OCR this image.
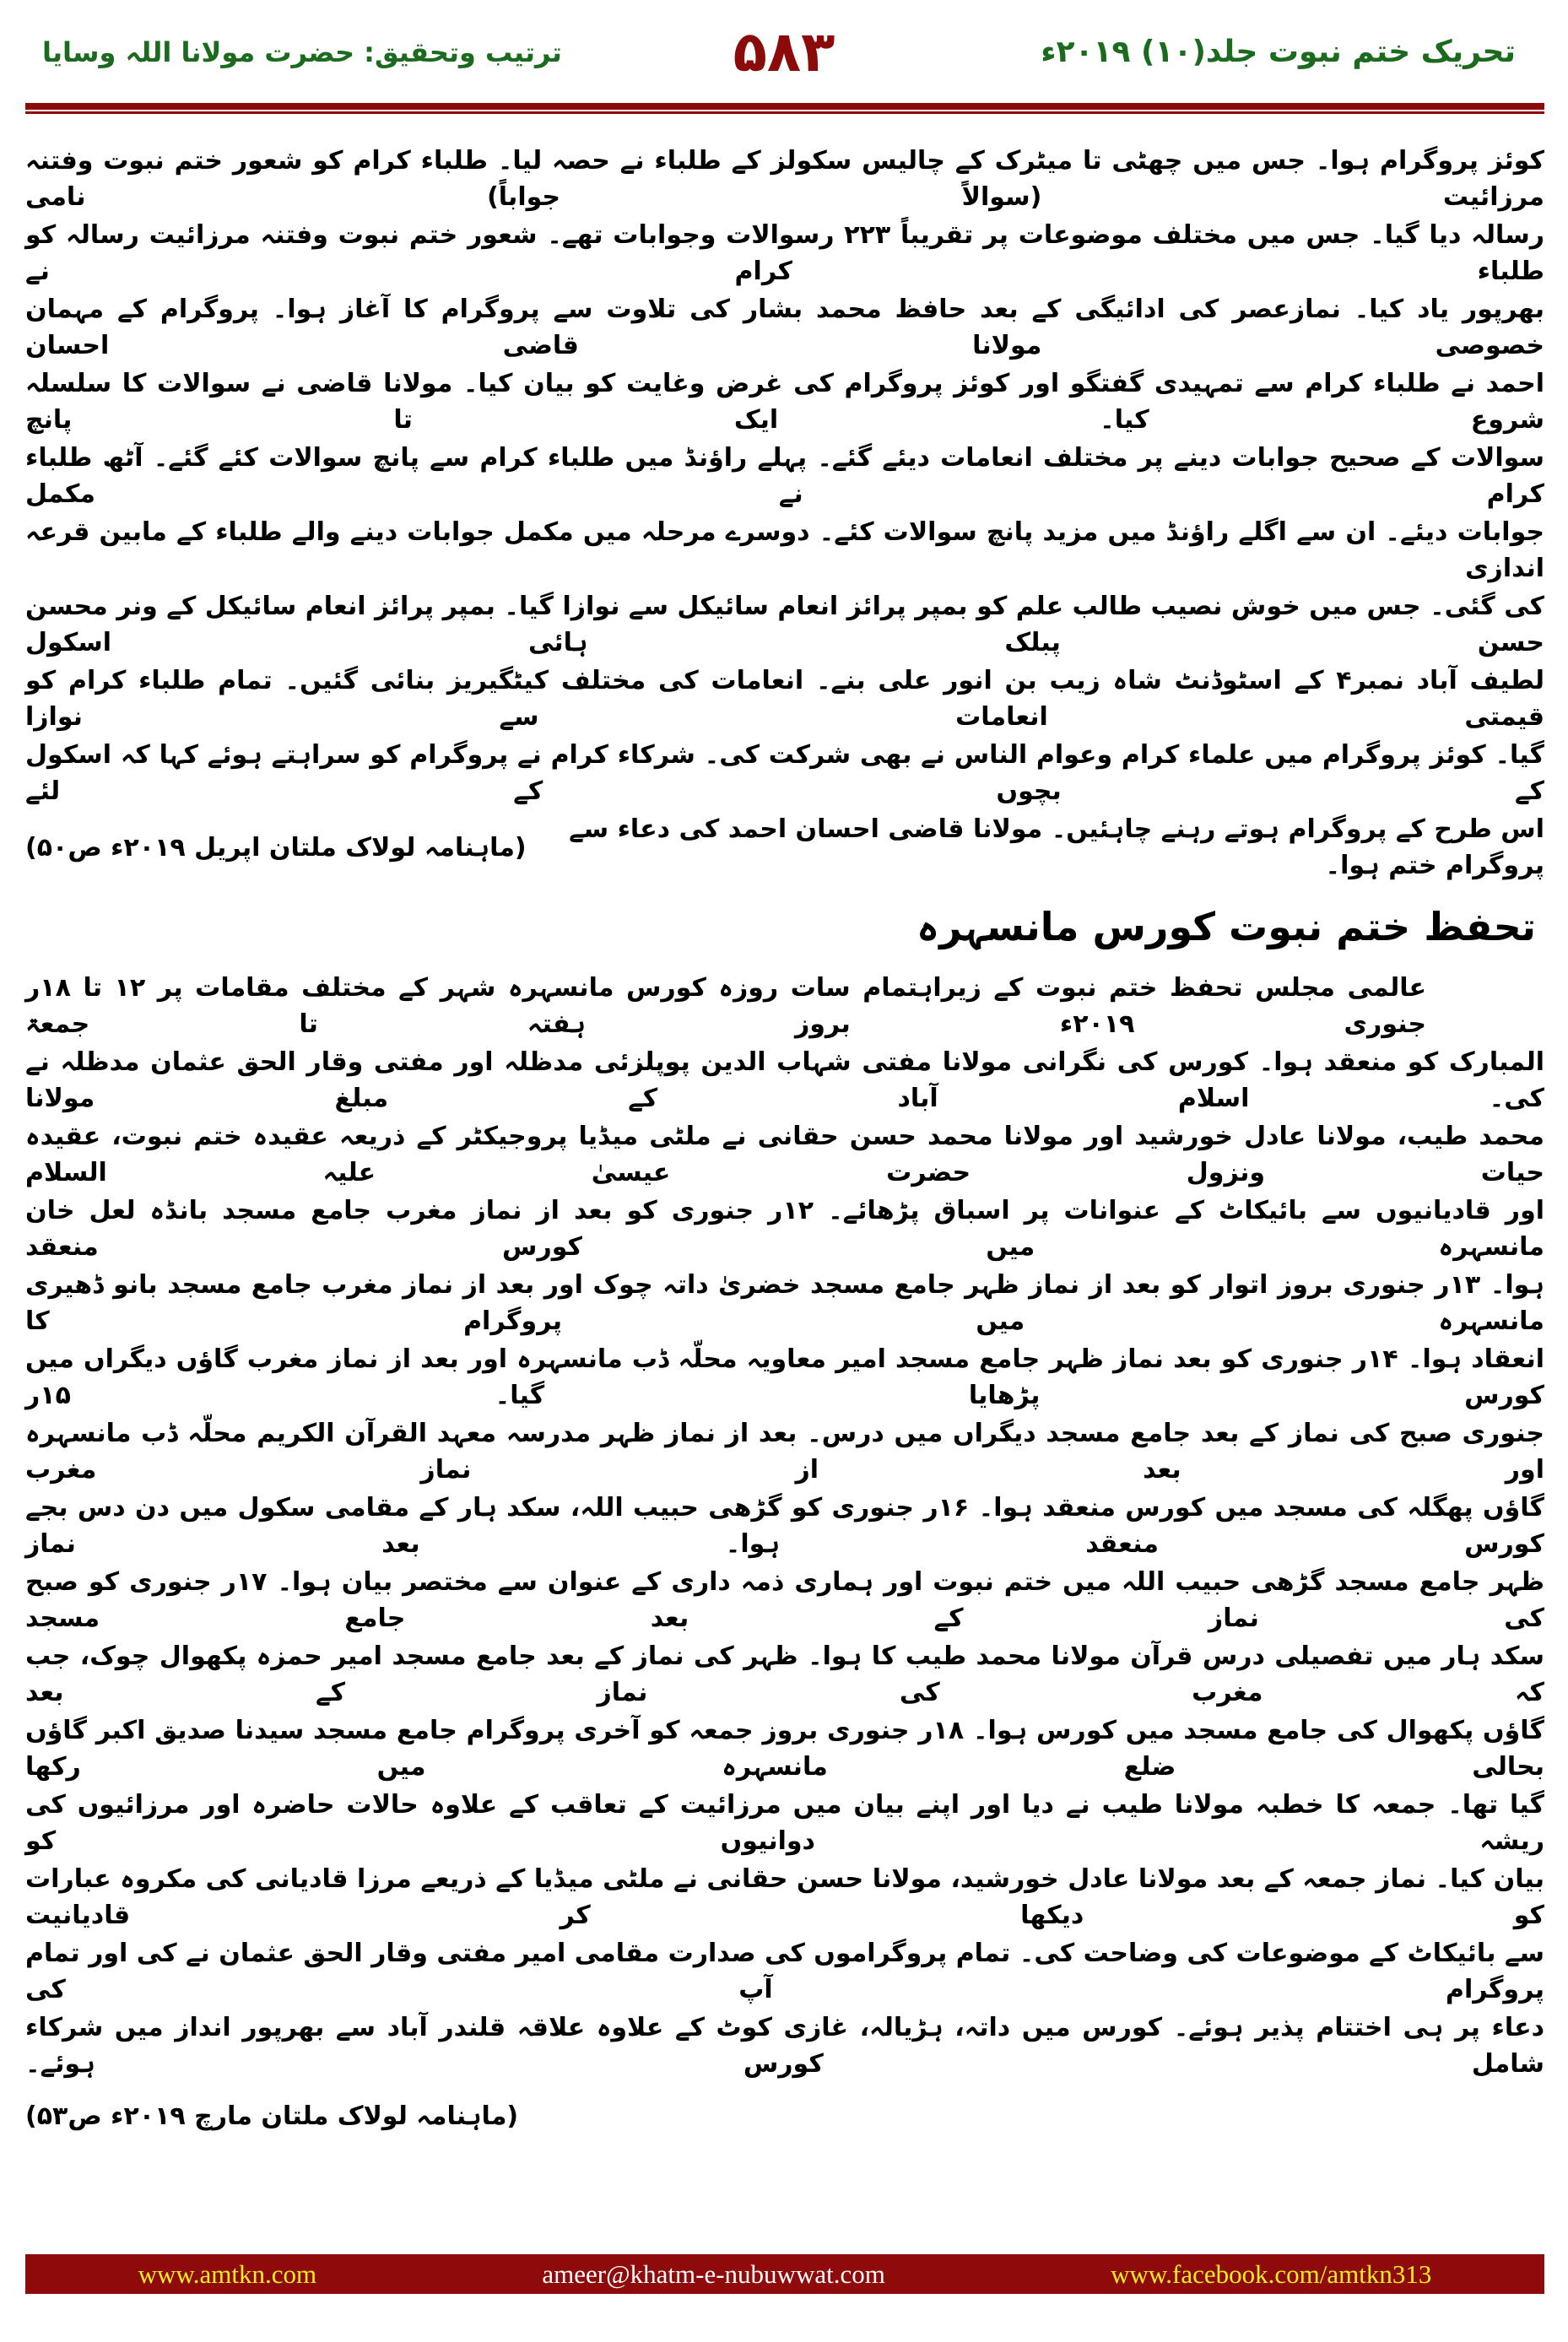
تحریک ختم نبوت جلد(۱۰) ۲۰۱۹ء
۵۸۳
ترتیب وتحقیق: حضرت مولانا اللہ وسایا
کوئز پروگرام ہوا۔ جس میں چھٹی تا میٹرک کے چالیس سکولز کے طلباء نے حصہ لیا۔ طلباء کرام کو شعور ختم نبوت وفتنہ مرزائیت (سوالاً جواباً) نامی
رسالہ دیا گیا۔ جس میں مختلف موضوعات پر تقریباً ۲۲۳ رسوالات وجوابات تھے۔ شعور ختم نبوت وفتنہ مرزائیت رسالہ کو طلباء کرام نے
بھرپور یاد کیا۔ نمازعصر کی ادائیگی کے بعد حافظ محمد بشار کی تلاوت سے پروگرام کا آغاز ہوا۔ پروگرام کے مہمان خصوصی مولانا قاضی احسان
احمد نے طلباء کرام سے تمہیدی گفتگو اور کوئز پروگرام کی غرض وغایت کو بیان کیا۔ مولانا قاضی نے سوالات کا سلسلہ شروع کیا۔ ایک تا پانچ
سوالات کے صحیح جوابات دینے پر مختلف انعامات دیئے گئے۔ پہلے راؤنڈ میں طلباء کرام سے پانچ سوالات کئے گئے۔ آٹھ طلباء کرام نے مکمل
جوابات دیئے۔ ان سے اگلے راؤنڈ میں مزید پانچ سوالات کئے۔ دوسرے مرحلہ میں مکمل جوابات دینے والے طلباء کے مابین قرعہ اندازی
کی گئی۔ جس میں خوش نصیب طالب علم کو بمپر پرائز انعام سائیکل سے نوازا گیا۔ بمپر پرائز انعام سائیکل کے ونر محسن حسن پبلک ہائی اسکول
لطیف آباد نمبر۴ کے اسٹوڈنٹ شاہ زیب بن انور علی بنے۔ انعامات کی مختلف کیٹگیریز بنائی گئیں۔ تمام طلباء کرام کو قیمتی انعامات سے نوازا
گیا۔ کوئز پروگرام میں علماء کرام وعوام الناس نے بھی شرکت کی۔ شرکاء کرام نے پروگرام کو سراہتے ہوئے کہا کہ اسکول کے بچوں کے لئے
اس طرح کے پروگرام ہوتے رہنے چاہئیں۔ مولانا قاضی احسان احمد کی دعاء سے پروگرام ختم ہوا۔
(ماہنامہ لولاک ملتان اپریل ۲۰۱۹ء ص۵۰)
تحفظ ختم نبوت کورس مانسہرہ
عالمی مجلس تحفظ ختم نبوت کے زیراہتمام سات روزہ کورس مانسہرہ شہر کے مختلف مقامات پر ۱۲ تا ۱۸ر جنوری ۲۰۱۹ء بروز ہفتہ تا جمعۃ
المبارک کو منعقد ہوا۔ کورس کی نگرانی مولانا مفتی شہاب الدین پوپلزئی مدظلہ اور مفتی وقار الحق عثمان مدظلہ نے کی۔ اسلام آباد کے مبلغ مولانا
محمد طیب، مولانا عادل خورشید اور مولانا محمد حسن حقانی نے ملٹی میڈیا پروجیکٹر کے ذریعہ عقیدہ ختم نبوت، عقیدہ حیات ونزول حضرت عیسیٰ علیہ السلام
اور قادیانیوں سے بائیکاٹ کے عنوانات پر اسباق پڑھائے۔ ۱۲ر جنوری کو بعد از نماز مغرب جامع مسجد بانڈہ لعل خان مانسہرہ میں کورس منعقد
ہوا۔ ۱۳ر جنوری بروز اتوار کو بعد از نماز ظہر جامع مسجد خضریٰ داتہ چوک اور بعد از نماز مغرب جامع مسجد بانو ڈھیری مانسہرہ میں پروگرام کا
انعقاد ہوا۔ ۱۴ر جنوری کو بعد نماز ظہر جامع مسجد امیر معاویہ محلّہ ڈب مانسہرہ اور بعد از نماز مغرب گاؤں دیگراں میں کورس پڑھایا گیا۔ ۱۵ر
جنوری صبح کی نماز کے بعد جامع مسجد دیگراں میں درس۔ بعد از نماز ظہر مدرسہ معہد القرآن الکریم محلّہ ڈب مانسہرہ اور بعد از نماز مغرب
گاؤں پھگلہ کی مسجد میں کورس منعقد ہوا۔ ۱۶ر جنوری کو گڑھی حبیب اللہ، سکد ہار کے مقامی سکول میں دن دس بجے کورس منعقد ہوا۔ بعد نماز
ظہر جامع مسجد گڑھی حبیب اللہ میں ختم نبوت اور ہماری ذمہ داری کے عنوان سے مختصر بیان ہوا۔ ۱۷ر جنوری کو صبح کی نماز کے بعد جامع مسجد
سکد ہار میں تفصیلی درس قرآن مولانا محمد طیب کا ہوا۔ ظہر کی نماز کے بعد جامع مسجد امیر حمزہ پکھوال چوک، جب کہ مغرب کی نماز کے بعد
گاؤں پکھوال کی جامع مسجد میں کورس ہوا۔ ۱۸ر جنوری بروز جمعہ کو آخری پروگرام جامع مسجد سیدنا صدیق اکبر گاؤں بحالی ضلع مانسہرہ میں رکھا
گیا تھا۔ جمعہ کا خطبہ مولانا طیب نے دیا اور اپنے بیان میں مرزائیت کے تعاقب کے علاوہ حالات حاضرہ اور مرزائیوں کی ریشہ دوانیوں کو
بیان کیا۔ نماز جمعہ کے بعد مولانا عادل خورشید، مولانا حسن حقانی نے ملٹی میڈیا کے ذریعے مرزا قادیانی کی مکروہ عبارات کو دیکھا کر قادیانیت
سے بائیکاٹ کے موضوعات کی وضاحت کی۔ تمام پروگراموں کی صدارت مقامی امیر مفتی وقار الحق عثمان نے کی اور تمام پروگرام آپ کی
دعاء پر ہی اختتام پذیر ہوئے۔ کورس میں داتہ، ہڑیالہ، غازی کوٹ کے علاوہ علاقہ قلندر آباد سے بھرپور انداز میں شرکاء شامل کورس ہوئے۔
(ماہنامہ لولاک ملتان مارچ ۲۰۱۹ء ص۵۳)
www.amtkn.com	ameer@khatm-e-nubuwwat.com	www.facebook.com/amtkn313
